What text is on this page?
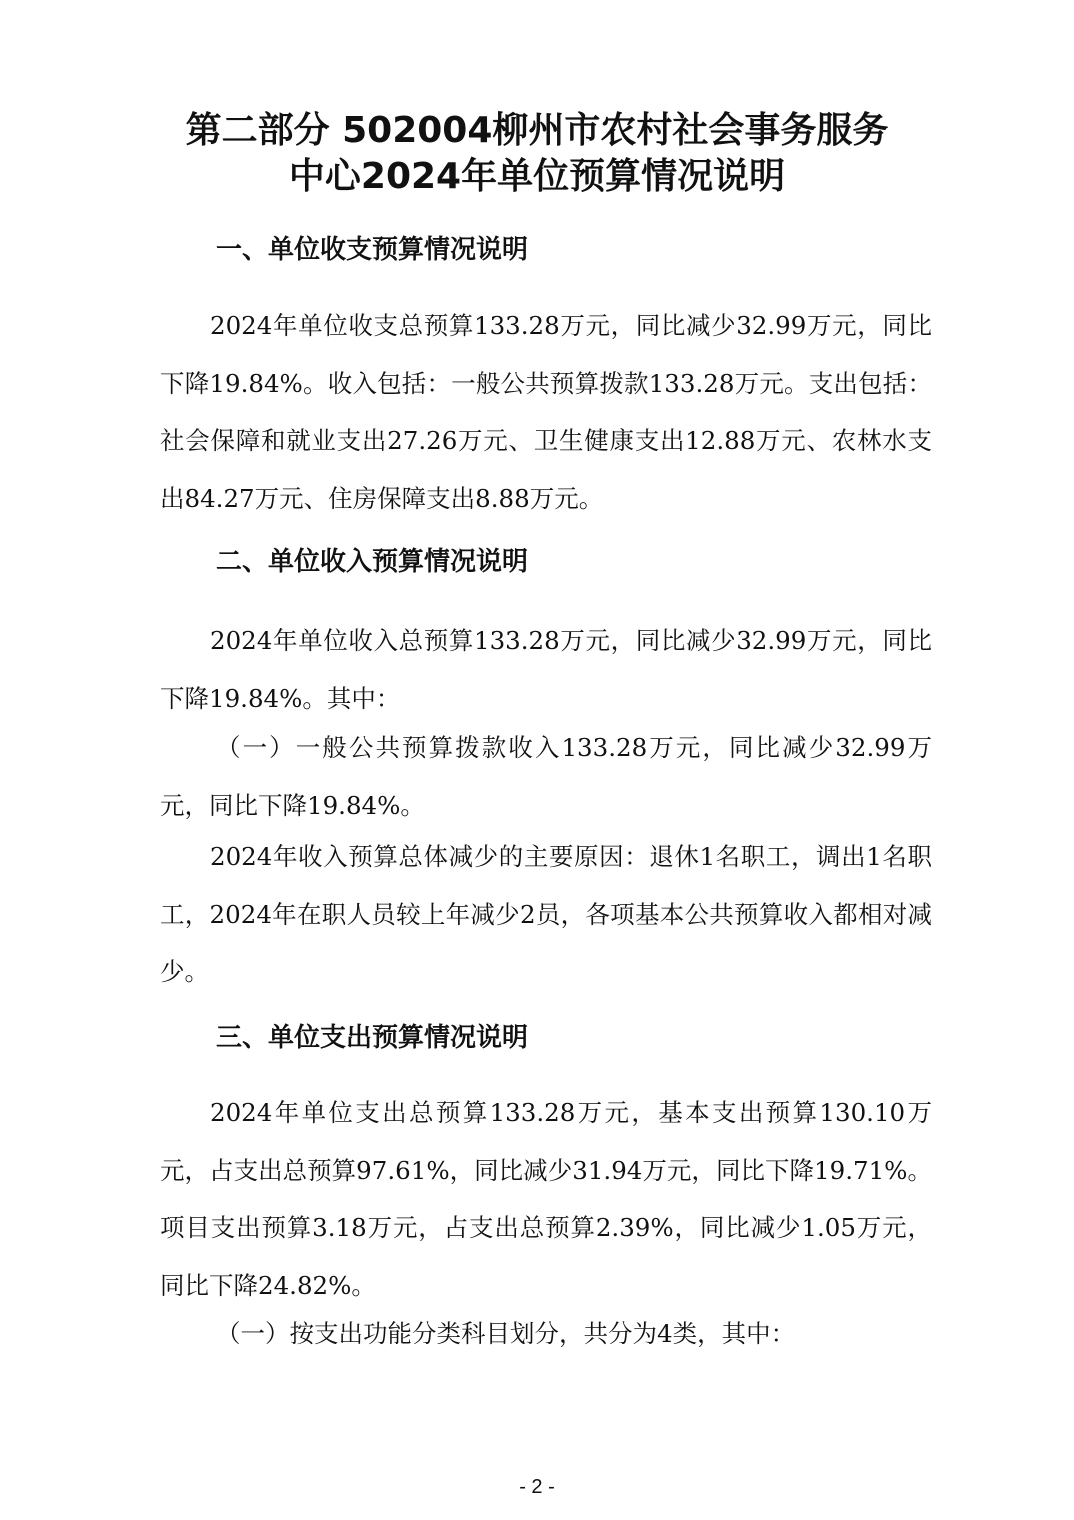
第二部分 502004柳州市农村社会事务服务
中心2024年单位预算情况说明
一、单位收支预算情况说明

2024年单位收支总预算133.28万元，同比减少32.99万元，同比下降19.84%。收入包括：一般公共预算拨款133.28万元。支出包括：社会保障和就业支出27.26万元、卫生健康支出12.88万元、农林水支出84.27万元、住房保障支出8.88万元。

二、单位收入预算情况说明

2024年单位收入总预算133.28万元，同比减少32.99万元，同比下降19.84%。其中：

（一）一般公共预算拨款收入133.28万元，同比减少32.99万元，同比下降19.84%。

2024年收入预算总体减少的主要原因：退休1名职工，调出1名职工，2024年在职人员较上年减少2员，各项基本公共预算收入都相对减少。

三、单位支出预算情况说明

2024年单位支出总预算133.28万元，基本支出预算130.10万元，占支出总预算97.61%，同比减少31.94万元，同比下降19.71%。项目支出预算3.18万元，占支出总预算2.39%，同比减少1.05万元，同比下降24.82%。

（一）按支出功能分类科目划分，共分为4类，其中：

- 2 -
